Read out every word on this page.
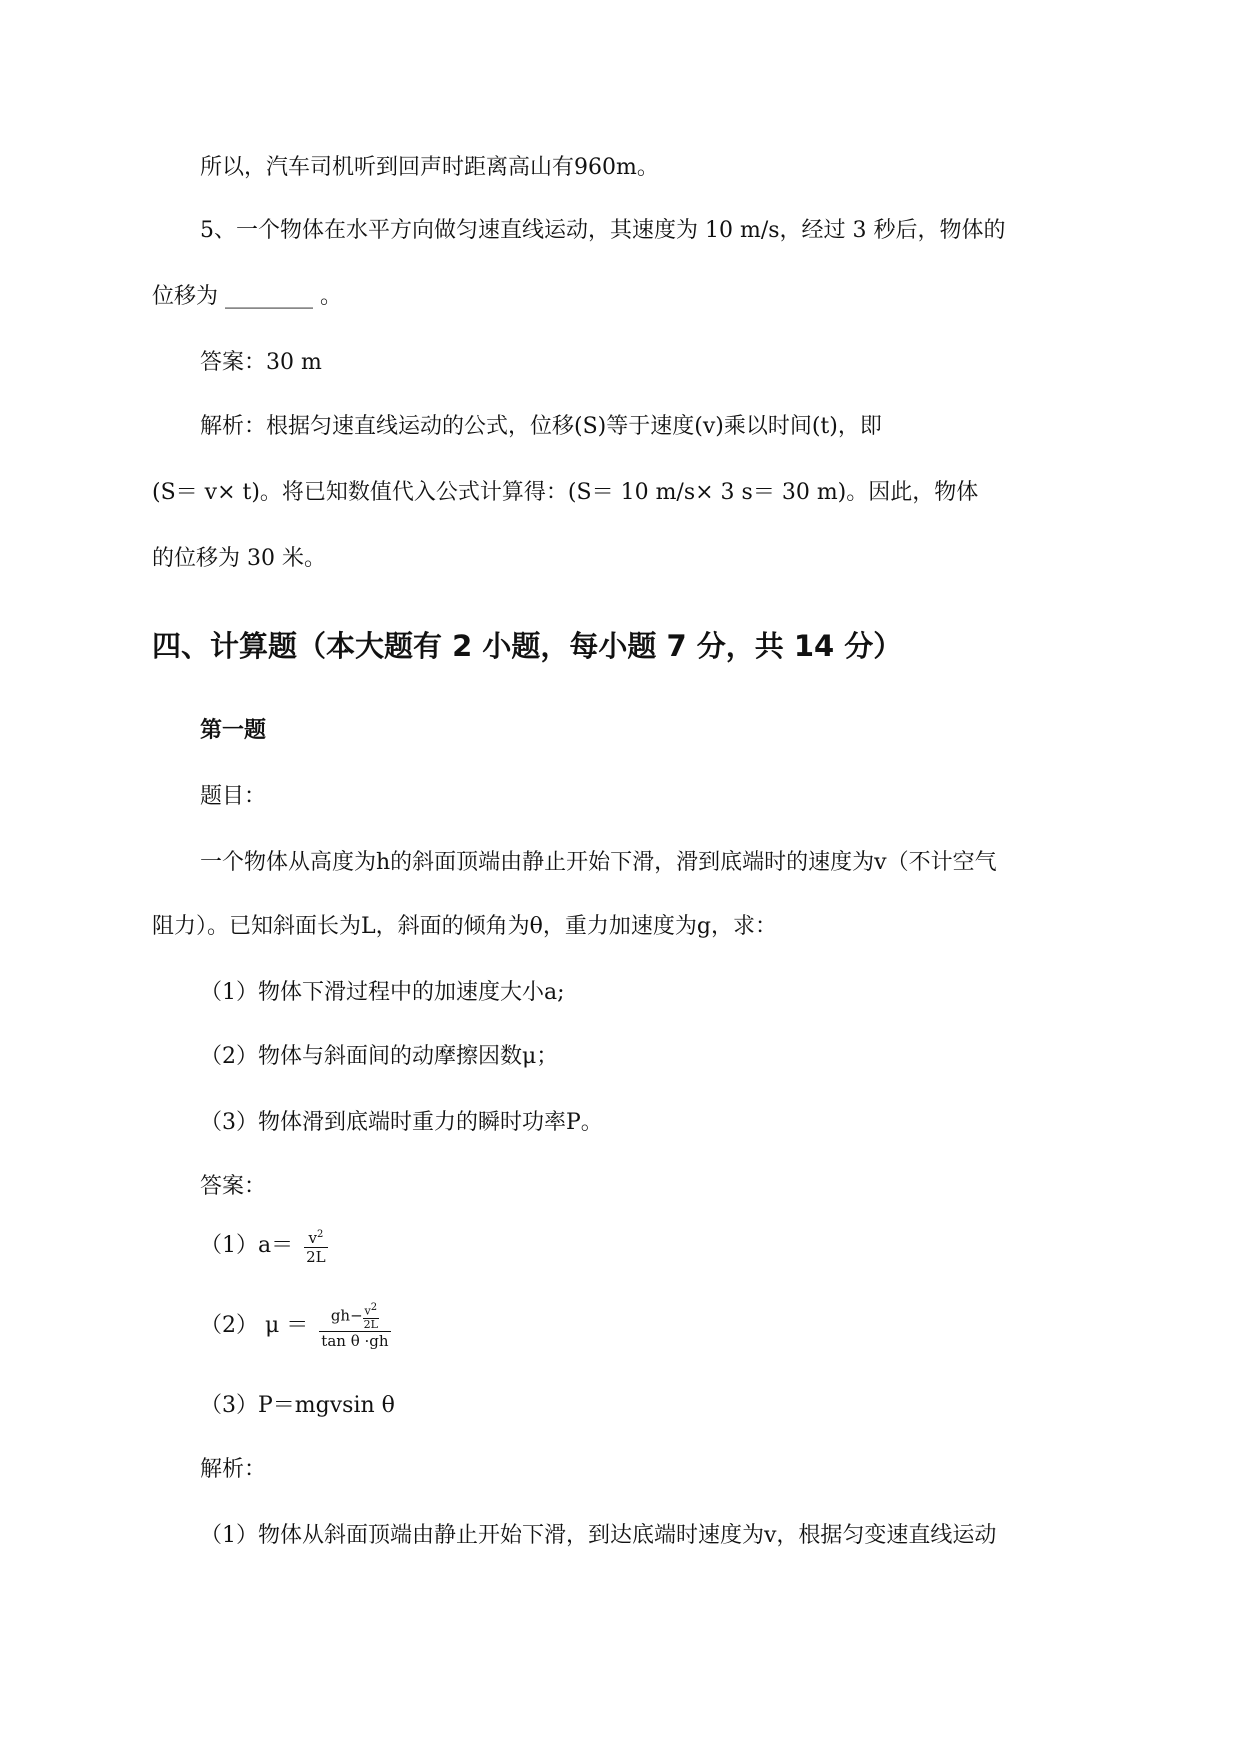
所以，汽车司机听到回声时距离高山有960m。
5、一个物体在水平方向做匀速直线运动，其速度为 10 m/s，经过 3 秒后，物体的
位移为 ________ 。
答案：30 m
解析：根据匀速直线运动的公式，位移(S)等于速度(v)乘以时间(t)，即
(S＝ v× t)。将已知数值代入公式计算得：(S＝ 10 m/s× 3 s＝ 30 m)。因此，物体
的位移为 30 米。
四、计算题（本大题有 2 小题，每小题 7 分，共 14 分）
第一题
题目：
一个物体从高度为h的斜面顶端由静止开始下滑，滑到底端时的速度为v（不计空气
阻力）。已知斜面长为L，斜面的倾角为θ，重力加速度为g，求：
（1）物体下滑过程中的加速度大小a;
（2）物体与斜面间的动摩擦因数μ；
（3）物体滑到底端时重力的瞬时功率P。
答案：
$(1)a= \frac{v^2}{2L}$
（2） $\mu = \frac{gh- \frac{v^2}{2L}}{\text{tan θ ·gh}}$
（3）P＝mgvsin θ
解析：
（1）物体从斜面顶端由静止开始下滑，到达底端时速度为v，根据匀变速直线运动
